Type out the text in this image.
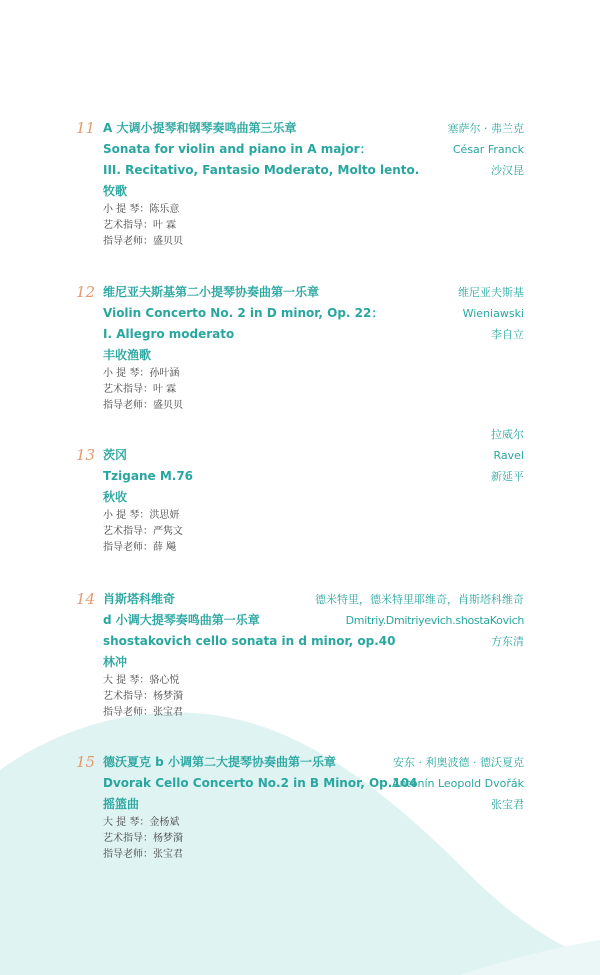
11 A 大调小提琴和钢琴奏鸣曲第三乐章
Sonata for violin and piano in A major：
III. Recitativo, Fantasio Moderato, Molto lento.
牧歌
小 提 琴：陈乐意
艺术指导：叶 霖
指导老师：盛贝贝
塞萨尔 · 弗兰克
César Franck
沙汉昆
12 维尼亚夫斯基第二小提琴协奏曲第一乐章
Violin Concerto No. 2 in D minor, Op. 22：
I. Allegro moderato
丰收渔歌
小 提 琴：孙叶涵
艺术指导：叶 霖
指导老师：盛贝贝
维尼亚夫斯基
Wieniawski
李自立
13 茨冈
Tzigane M.76
秋收
小 提 琴：洪思妍
艺术指导：严隽文
指导老师：薛 飚
拉威尔
Ravel
新延平
14 肖斯塔科维奇
d 小调大提琴奏鸣曲第一乐章
shostakovich cello sonata in d minor, op.40
林冲
大 提 琴：骆心悦
艺术指导：杨梦漪
指导老师：张宝君
德米特里，德米特里耶维奇，肖斯塔科维奇
Dmitriy.Dmitriyevich.shostaKovich
方东清
15 德沃夏克 b 小调第二大提琴协奏曲第一乐章
Dvorak Cello Concerto No.2 in B Minor, Op.104
摇篮曲
大 提 琴：金杨斌
艺术指导：杨梦漪
指导老师：张宝君
安东 · 利奥波德 · 德沃夏克
Antonín Leopold Dvořák
张宝君
